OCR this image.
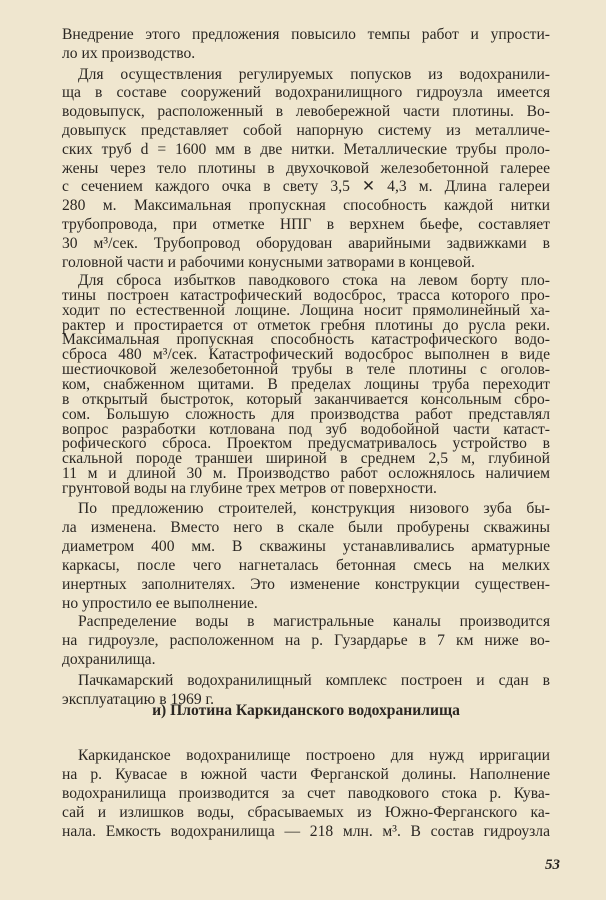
Внедрение этого предложения повысило темпы работ и упрости-
ло их производство.
Для осуществления регулируемых попусков из водохранили-
ща в составе сооружений водохранилищного гидроузла имеется
водовыпуск, расположенный в левобережной части плотины. Во-
довыпуск представляет собой напорную систему из металличе-
ских труб d = 1600 мм в две нитки. Металлические трубы проло-
жены через тело плотины в двухочковой железобетонной галерее
с сечением каждого очка в свету 3,5 ✕ 4,3 м. Длина галереи
280 м. Максимальная пропускная способность каждой нитки
трубопровода, при отметке НПГ в верхнем бьефе, составляет
30 м³/сек. Трубопровод оборудован аварийными задвижками в
головной части и рабочими конусными затворами в концевой.
Для сброса избытков паводкового стока на левом борту пло-
тины построен катастрофический водосброс, трасса которого про-
ходит по естественной лощине. Лощина носит прямолинейный ха-
рактер и простирается от отметок гребня плотины до русла реки.
Максимальная пропускная способность катастрофического водо-
сброса 480 м³/сек. Катастрофический водосброс выполнен в виде
шестиочковой железобетонной трубы в теле плотины с оголов-
ком, снабженном щитами. В пределах лощины труба переходит
в открытый быстроток, который заканчивается консольным сбро-
сом. Большую сложность для производства работ представлял
вопрос разработки котлована под зуб водобойной части катаст-
рофического сброса. Проектом предусматривалось устройство в
скальной породе траншеи шириной в среднем 2,5 м, глубиной
11 м и длиной 30 м. Производство работ осложнялось наличием
грунтовой воды на глубине трех метров от поверхности.
По предложению строителей, конструкция низового зуба бы-
ла изменена. Вместо него в скале были пробурены скважины
диаметром 400 мм. В скважины устанавливались арматурные
каркасы, после чего нагнеталась бетонная смесь на мелких
инертных заполнителях. Это изменение конструкции существен-
но упростило ее выполнение.
и) Плотина Каркиданского водохранилища
Каркиданское водохранилище построено для нужд ирригации
на р. Кувасае в южной части Ферганской долины. Наполнение
водохранилища производится за счет паводкового стока р. Кува-
сай и излишков воды, сбрасываемых из Южно-Ферганского ка-
нала. Емкость водохранилища — 218 млн. м³. В состав гидроузла
53
Распределение воды в магистральные каналы производится
на гидроузле, расположенном на р. Гузардарье в 7 км ниже во-
дохранилища.
Пачкамарский водохранилищный комплекс построен и сдан в
эксплуатацию в 1969 г.
